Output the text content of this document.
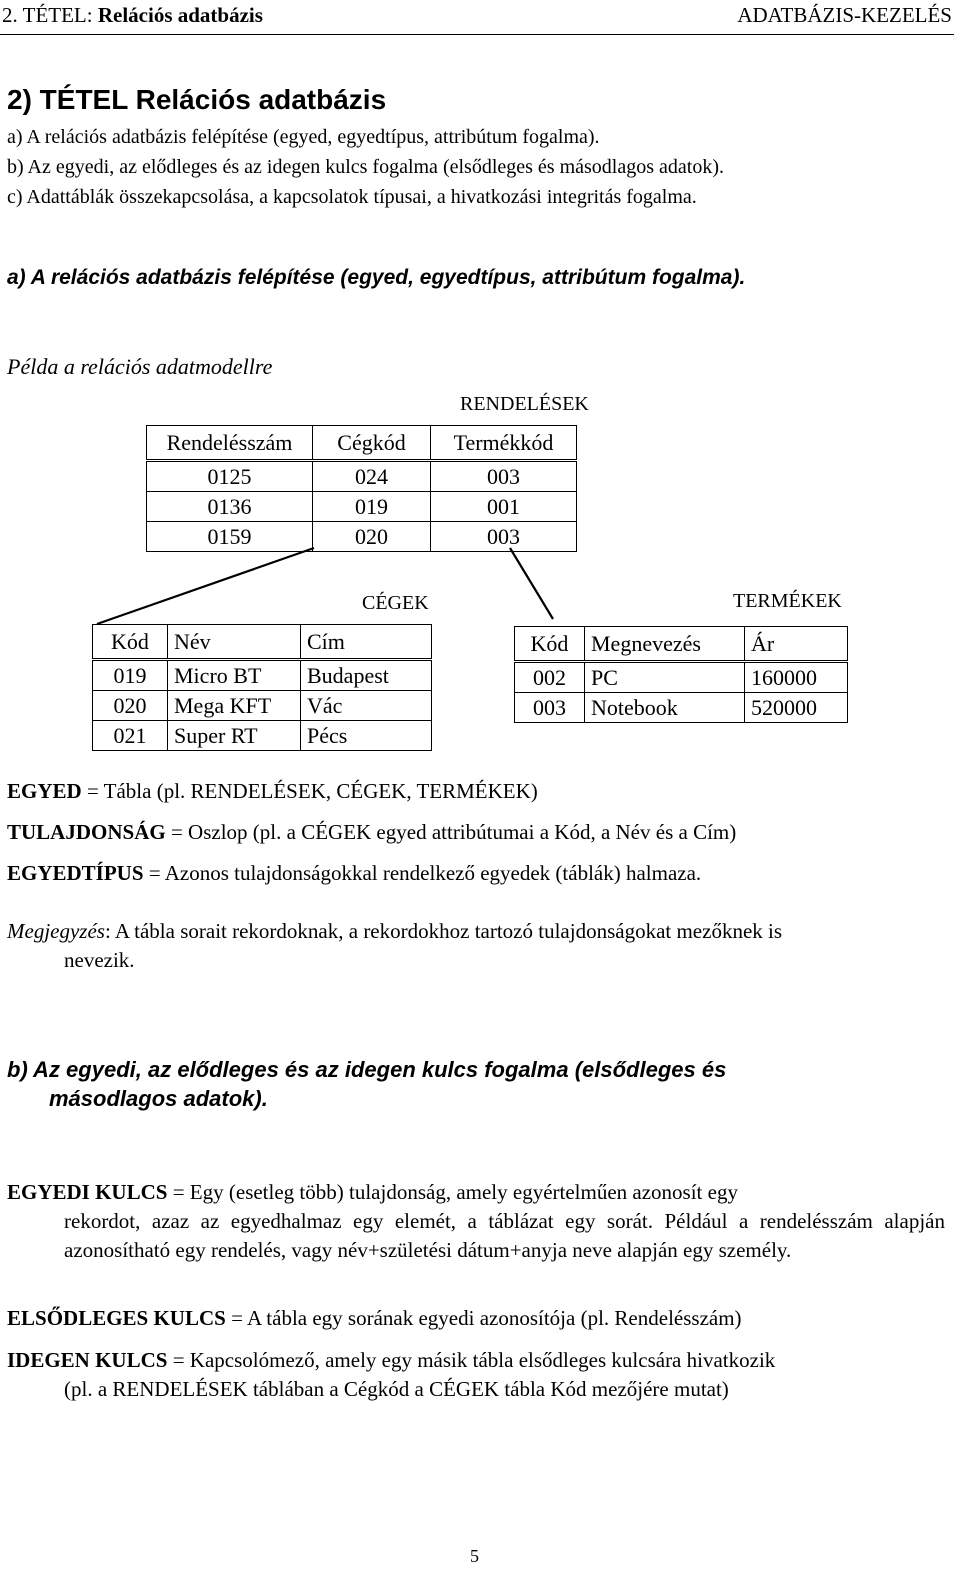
2. TÉTEL: Relációs adatbázis	ADATBÁZIS-KEZELÉS
2) TÉTEL Relációs adatbázis
a) A relációs adatbázis felépítése (egyed, egyedtípus, attribútum fogalma).
b) Az egyedi, az elődleges és az idegen kulcs fogalma (elsődleges és másodlagos adatok).
c) Adattáblák összekapcsolása, a kapcsolatok típusai, a hivatkozási integritás fogalma.
a) A relációs adatbázis felépítése (egyed, egyedtípus, attribútum fogalma).
Példa a relációs adatmodellre
RENDELÉSEK
Rendelésszám	Cégkód	Termékkód
0125	024	003
0136	019	001
0159	020	003
CÉGEK
Kód	Név	Cím
019	Micro BT	Budapest
020	Mega KFT	Vác
021	Super RT	Pécs
TERMÉKEK
Kód	Megnevezés	Ár
002	PC	160000
003	Notebook	520000
EGYED = Tábla (pl. RENDELÉSEK, CÉGEK, TERMÉKEK)
TULAJDONSÁG = Oszlop (pl. a CÉGEK egyed attribútumai a Kód, a Név és a Cím)
EGYEDTÍPUS = Azonos tulajdonságokkal rendelkező egyedek (táblák) halmaza.
Megjegyzés: A tábla sorait rekordoknak, a rekordokhoz tartozó tulajdonságokat mezőknek is
nevezik.
b) Az egyedi, az elődleges és az idegen kulcs fogalma (elsődleges és
másodlagos adatok).
EGYEDI KULCS = Egy (esetleg több) tulajdonság, amely egyértelműen azonosít egy
rekordot, azaz az egyedhalmaz egy elemét, a táblázat egy sorát. Például a rendelésszám alapján azonosítható egy rendelés, vagy név+születési dátum+anyja neve alapján egy személy.
ELSŐDLEGES KULCS = A tábla egy sorának egyedi azonosítója (pl. Rendelésszám)
IDEGEN KULCS = Kapcsolómező, amely egy másik tábla elsődleges kulcsára hivatkozik
(pl. a RENDELÉSEK táblában a Cégkód a CÉGEK tábla Kód mezőjére mutat)
5
